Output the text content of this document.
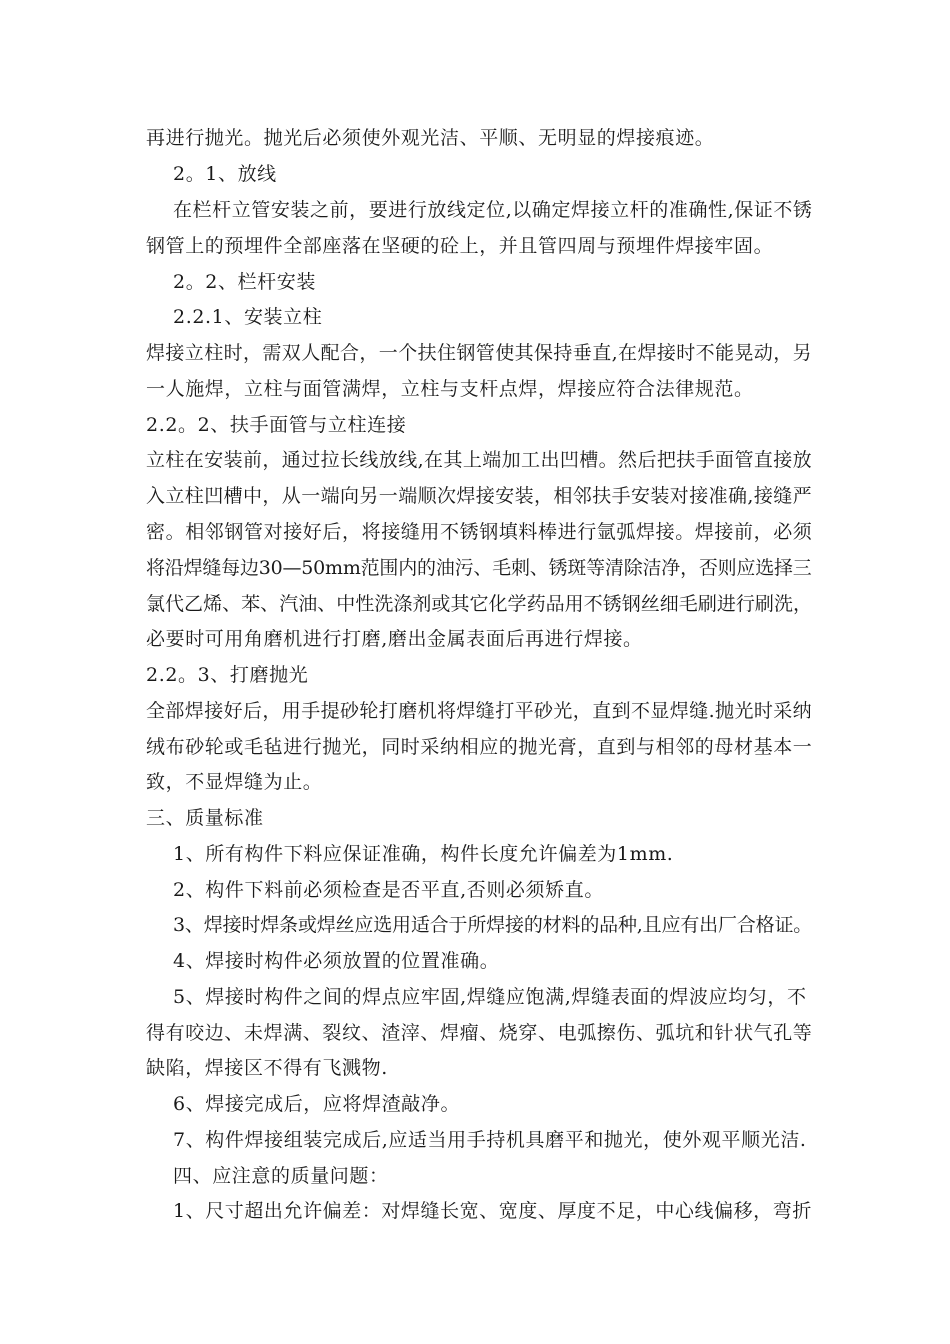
再进行抛光。抛光后必须使外观光洁、平顺、无明显的焊接痕迹。
2。1、放线
在栏杆立管安装之前，要进行放线定位,以确定焊接立杆的准确性,保证不锈
钢管上的预埋件全部座落在坚硬的砼上，并且管四周与预埋件焊接牢固。
2。2、栏杆安装
2.2.1、安装立柱
焊接立柱时，需双人配合，一个扶住钢管使其保持垂直,在焊接时不能晃动，另
一人施焊，立柱与面管满焊，立柱与支杆点焊，焊接应符合法律规范。
2.2。2、扶手面管与立柱连接
立柱在安装前，通过拉长线放线,在其上端加工出凹槽。然后把扶手面管直接放
入立柱凹槽中，从一端向另一端顺次焊接安装，相邻扶手安装对接准确,接缝严
密。相邻钢管对接好后，将接缝用不锈钢填料棒进行氩弧焊接。焊接前，必须
将沿焊缝每边30—50mm范围内的油污、毛刺、锈斑等清除洁净，否则应选择三
氯代乙烯、苯、汽油、中性洗涤剂或其它化学药品用不锈钢丝细毛刷进行刷洗，
必要时可用角磨机进行打磨,磨出金属表面后再进行焊接。
2.2。3、打磨抛光
全部焊接好后，用手提砂轮打磨机将焊缝打平砂光，直到不显焊缝.抛光时采纳
绒布砂轮或毛毡进行抛光，同时采纳相应的抛光膏，直到与相邻的母材基本一
致，不显焊缝为止。
三、质量标准
1、所有构件下料应保证准确，构件长度允许偏差为1mm.
2、构件下料前必须检查是否平直,否则必须矫直。
3、焊接时焊条或焊丝应选用适合于所焊接的材料的品种,且应有出厂合格证。
4、焊接时构件必须放置的位置准确。
5、焊接时构件之间的焊点应牢固,焊缝应饱满,焊缝表面的焊波应均匀，不
得有咬边、未焊满、裂纹、渣滓、焊瘤、烧穿、电弧擦伤、弧坑和针状气孔等
缺陷，焊接区不得有飞溅物.
6、焊接完成后，应将焊渣敲净。
7、构件焊接组装完成后,应适当用手持机具磨平和抛光，使外观平顺光洁.
四、应注意的质量问题：
1、尺寸超出允许偏差：对焊缝长宽、宽度、厚度不足，中心线偏移，弯折
